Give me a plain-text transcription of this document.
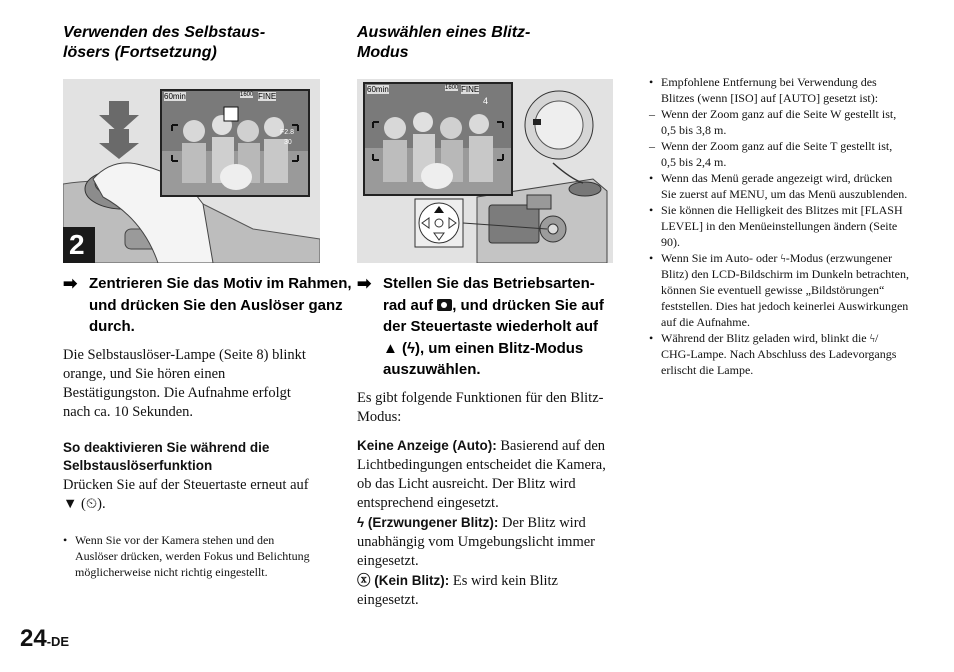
Verwenden des Selbstaus-
lösers (Fortsetzung)
2
60min	1600 FINE
F2.8
30
➡ Zentrieren Sie das Motiv im Rahmen, und drücken Sie den Auslöser ganz durch.
Die Selbstauslöser-Lampe (Seite 8) blinkt orange, und Sie hören einen Bestätigungston. Die Aufnahme erfolgt nach ca. 10 Sekunden.
So deaktivieren Sie während die Selbstauslöserfunktion
Drücken Sie auf der Steuertaste erneut auf ▼ (⏲).
• Wenn Sie vor der Kamera stehen und den Auslöser drücken, werden Fokus und Belichtung möglicherweise nicht richtig eingestellt.
Auswählen eines Blitz-
Modus
60min	1600 FINE
4
➡ Stellen Sie das Betriebsarten-
rad auf , und drücken Sie auf
der Steuertaste wiederholt auf
▲ (ϟ), um einen Blitz-Modus
auszuwählen.
Es gibt folgende Funktionen für den Blitz-Modus:
Keine Anzeige (Auto): Basierend auf den Lichtbedingungen entscheidet die Kamera, ob das Licht ausreicht. Der Blitz wird entsprechend eingesetzt.
ϟ (Erzwungener Blitz): Der Blitz wird unabhängig vom Umgebungslicht immer eingesetzt.
ⓧ (Kein Blitz): Es wird kein Blitz eingesetzt.
• Empfohlene Entfernung bei Verwendung des Blitzes (wenn [ISO] auf [AUTO] gesetzt ist):
– Wenn der Zoom ganz auf die Seite W gestellt ist, 0,5 bis 3,8 m.
– Wenn der Zoom ganz auf die Seite T gestellt ist, 0,5 bis 2,4 m.
• Wenn das Menü gerade angezeigt wird, drücken Sie zuerst auf MENU, um das Menü auszublenden.
• Sie können die Helligkeit des Blitzes mit [FLASH LEVEL] in den Menüeinstellungen ändern (Seite 90).
• Wenn Sie im Auto- oder ϟ-Modus (erzwungener Blitz) den LCD-Bildschirm im Dunkeln betrachten, können Sie eventuell gewisse „Bildstörungen“ feststellen. Dies hat jedoch keinerlei Auswirkungen auf die Aufnahme.
• Während der Blitz geladen wird, blinkt die ϟ/ CHG-Lampe. Nach Abschluss des Ladevorgangs erlischt die Lampe.
24-DE
